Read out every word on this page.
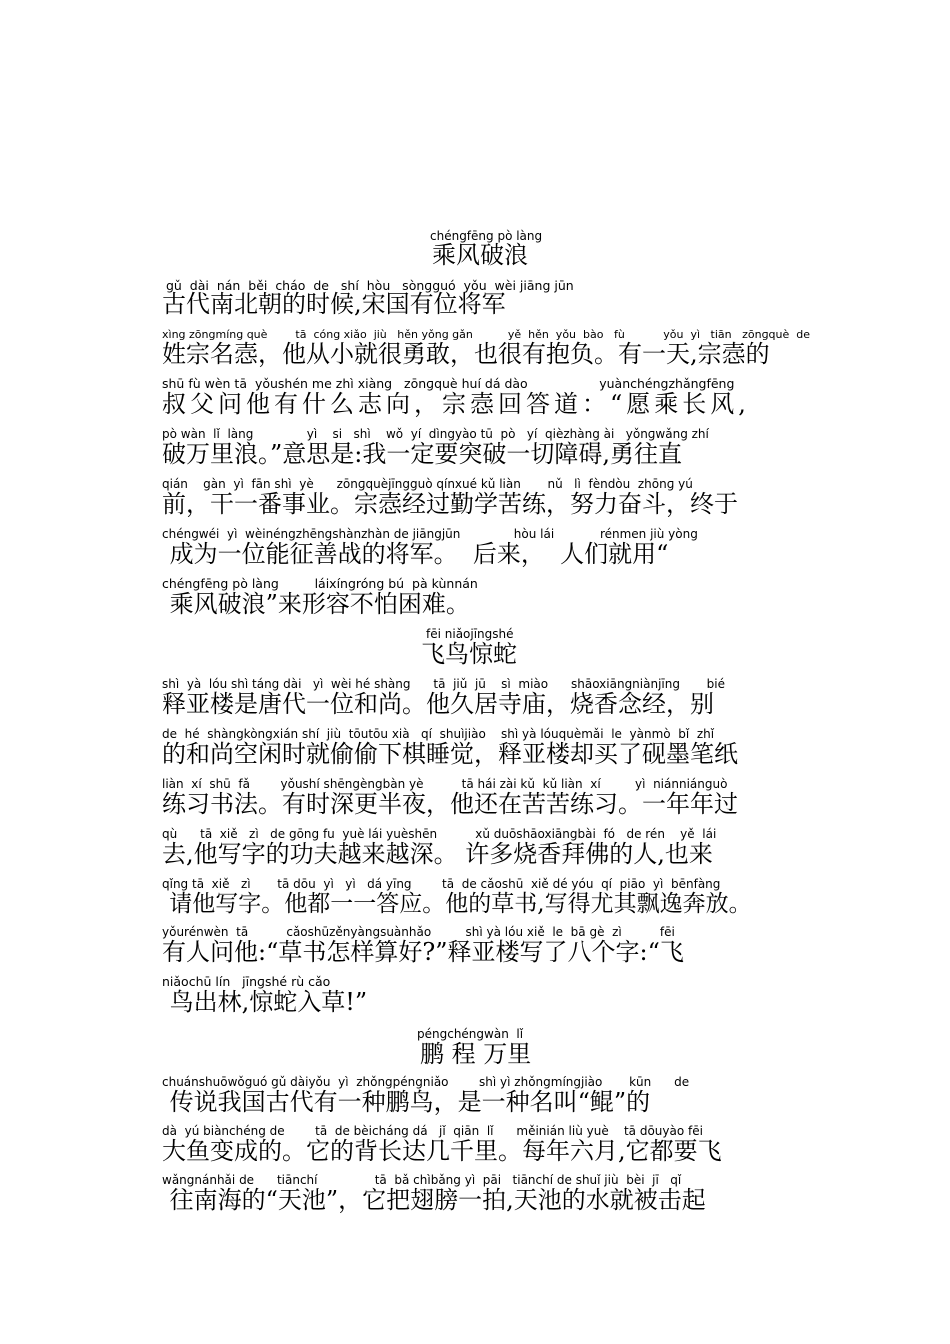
chéngfēng pò làng
乘风破浪
gǔ  dài  nán  běi  cháo  de   shí  hòu   sònɡguó  yǒu  wèi jiāng jūn
古代南北朝的时候,宋国有位将军
xìng zōngmíng què        tā  cóng xiǎo  jiù   hěn yǒng gǎn          yě  hěn  yǒu  bào   fù           yǒu  yì   tiān   zōnɡquè  de
姓宗名悫，他从小就很勇敢，也很有抱负。有一天,宗悫的
shū fù wèn tā  yǒushén me zhì xiàng   zōnɡquè huí dá dào                  yuànchéngzhǎngfēng
叔父问他有什么志向，宗悫回答道：“愿乘长风,
pò wàn  lǐ  làng              yì    si   shì    wǒ  yí  dìngyào tū  pò   yí  qièzhàng ài   yǒnɡwǎng zhí
破万里浪。”意思是:我一定要突破一切障碍,勇往直
qián    gàn  yì  fān shì  yè      zōnɡquèjīngguò qínxué kǔ liàn       nǔ   lì  fèndòu  zhōnɡ yú
前，干一番事业。宗悫经过勤学苦练，努力奋斗，终于
chéngwéi  yì  wèinéngzhēngshànzhàn de jiāngjūn              hòu lái            rénmen jiù yòng
成为一位能征善战的将军。  后来，  人们就用“
chéngfēng pò làng         láixíngróng bú  pà kùnnán
乘风破浪”来形容不怕困难。
fēi niǎojīngshé
飞鸟惊蛇
shì  yà  lóu shì táng dài   yì  wèi hé shàng      tā  jiǔ  jū    sì  miào      shāoxiāngniànjīng       bié
释亚楼是唐代一位和尚。他久居寺庙，烧香念经，别
de  hé  shàngkòngxián shí  jiù  tōutōu xià   qí  shuìjiào    shì yà lóuquèmǎi  le  yànmò  bǐ  zhǐ
的和尚空闲时就偷偷下棋睡觉，释亚楼却买了砚墨笔纸
liàn  xí  shū  fǎ        yǒushí shēngèngbàn yè          tā hái zài kǔ  kǔ liàn  xí         yì  niánniánguò
练习书法。有时深更半夜，他还在苦苦练习。一年年过
qù      tā  xiě   zì   de gōng fu  yuè lái yuèshēn          xǔ duōshāoxiāngbài  fó   de rén    yě  lái
去,他写字的功夫越来越深。 许多烧香拜佛的人,也来
qǐng tā  xiě   zì       tā dōu  yì   yì   dá yīng        tā  de cǎoshū  xiě dé yóu  qí  piāo  yì  bēnfàng
请他写字。他都一一答应。他的草书,写得尤其飘逸奔放。
yǒurénwèn  tā          cǎoshūzěnyàngsuànhǎo         shì yà lóu xiě  le  bā gè  zì          fēi
有人问他:“草书怎样算好?”释亚楼写了八个字:“飞
niǎochū lín   jīnɡshé rù cǎo
鸟出林,惊蛇入草!”
péngchéngwàn  lǐ
鹏 程 万里
chuánshuōwǒguó gǔ dàiyǒu  yì  zhǒngpéngniǎo        shì yì zhǒngmíngjiào       kūn      de
传说我国古代有一种鹏鸟，是一种名叫“鲲”的
dà  yú biànchéng de        tā  de bèicháng dá   jǐ  qiān  lǐ      měinián liù yuè    tā dōuyào fēi
大鱼变成的。它的背长达几千里。每年六月,它都要飞
wǎngnánhǎi de      tiānchí               tā  bǎ chìbǎng yì  pāi   tiānchí de shuǐ jiù  bèi  jī   qǐ
往南海的“天池”，它把翅膀一拍,天池的水就被击起
